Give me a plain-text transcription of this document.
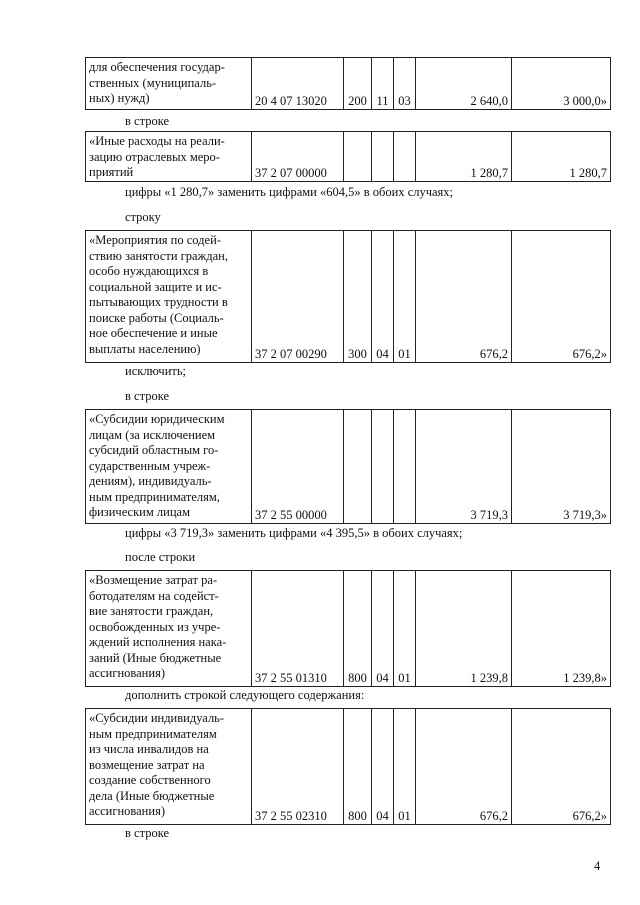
для обеспечения государ-
ственных (муниципаль-
ных) нужд)	20 4 07 13020	200	11	03	2 640,0	3 000,0»
в строке
«Иные расходы на реали-
зацию отраслевых меро-
приятий	37 2 07 00000				1 280,7	1 280,7
цифры «1 280,7» заменить цифрами «604,5» в обоих случаях;
строку
«Мероприятия по содей-
ствию занятости граждан,
особо нуждающихся в
социальной защите и ис-
пытывающих трудности в
поиске работы (Социаль-
ное обеспечение и иные
выплаты населению)	37 2 07 00290	300	04	01	676,2	676,2»
исключить;
в строке
«Субсидии юридическим
лицам (за исключением
субсидий областным го-
сударственным учреж-
дениям), индивидуаль-
ным предпринимателям,
физическим лицам	37 2 55 00000				3 719,3	3 719,3»
цифры «3 719,3» заменить цифрами «4 395,5» в обоих случаях;
после строки
«Возмещение затрат ра-
ботодателям на содейст-
вие занятости граждан,
освобожденных из учре-
ждений исполнения нака-
заний (Иные бюджетные
ассигнования)	37 2 55 01310	800	04	01	1 239,8	1 239,8»
дополнить строкой следующего содержания:
«Субсидии индивидуаль-
ным предпринимателям
из числа инвалидов на
возмещение затрат на
создание собственного
дела (Иные бюджетные
ассигнования)	37 2 55 02310	800	04	01	676,2	676,2»
в строке
4
